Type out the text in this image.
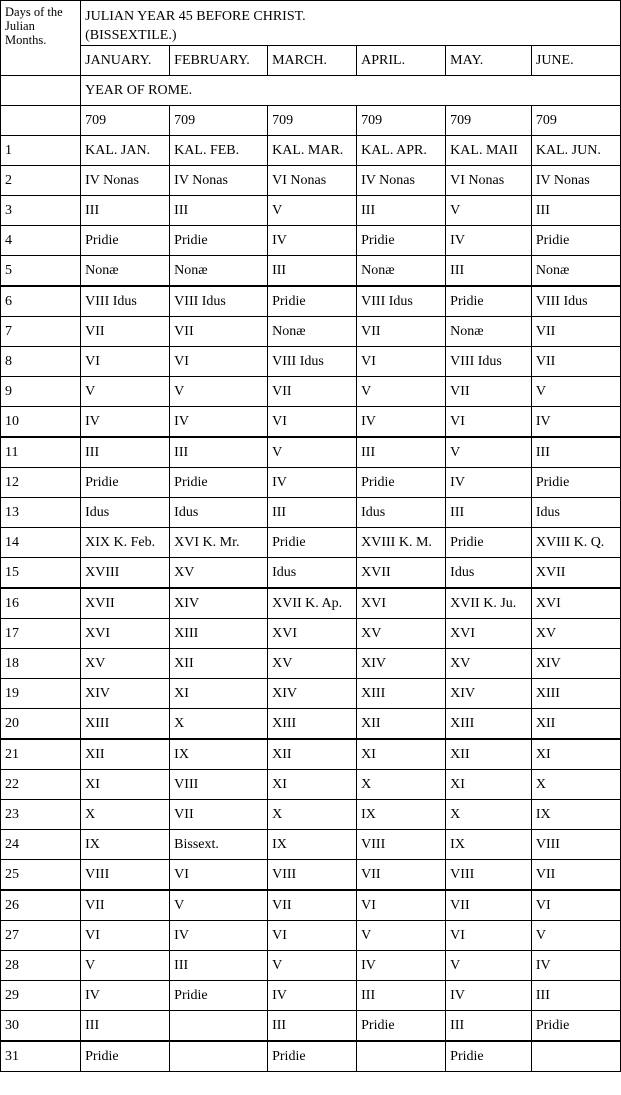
Days of the Julian Months.	JULIAN YEAR 45 BEFORE CHRIST.
(BISSEXTILE.)					

	JANUARY.	FEBRUARY.	MARCH.	APRIL.	MAY.	JUNE.
	YEAR OF ROME.					
	709	709	709	709	709	709
1	KAL. JAN.	KAL. FEB.	KAL. MAR.	KAL. APR.	KAL. MAII	KAL. JUN.
2	IV Nonas	IV Nonas	VI Nonas	IV Nonas	VI Nonas	IV Nonas
3	III	III	V	III	V	III
4	Pridie	Pridie	IV	Pridie	IV	Pridie
5	Nonæ	Nonæ	III	Nonæ	III	Nonæ
6	VIII Idus	VIII Idus	Pridie	VIII Idus	Pridie	VIII Idus
7	VII	VII	Nonæ	VII	Nonæ	VII
8	VI	VI	VIII Idus	VI	VIII Idus	VII
9	V	V	VII	V	VII	V
10	IV	IV	VI	IV	VI	IV
11	III	III	V	III	V	III
12	Pridie	Pridie	IV	Pridie	IV	Pridie
13	Idus	Idus	III	Idus	III	Idus
14	XIX K. Feb.	XVI K. Mr.	Pridie	XVIII K. M.	Pridie	XVIII K. Q.
15	XVIII	XV	Idus	XVII	Idus	XVII
16	XVII	XIV	XVII K. Ap.	XVI	XVII K. Ju.	XVI
17	XVI	XIII	XVI	XV	XVI	XV
18	XV	XII	XV	XIV	XV	XIV
19	XIV	XI	XIV	XIII	XIV	XIII
20	XIII	X	XIII	XII	XIII	XII
21	XII	IX	XII	XI	XII	XI
22	XI	VIII	XI	X	XI	X
23	X	VII	X	IX	X	IX
24	IX	Bissext.	IX	VIII	IX	VIII
25	VIII	VI	VIII	VII	VIII	VII
26	VII	V	VII	VI	VII	VI
27	VI	IV	VI	V	VI	V
28	V	III	V	IV	V	IV
29	IV	Pridie	IV	III	IV	III
30	III		III	Pridie	III	Pridie
31	Pridie		Pridie		Pridie	
